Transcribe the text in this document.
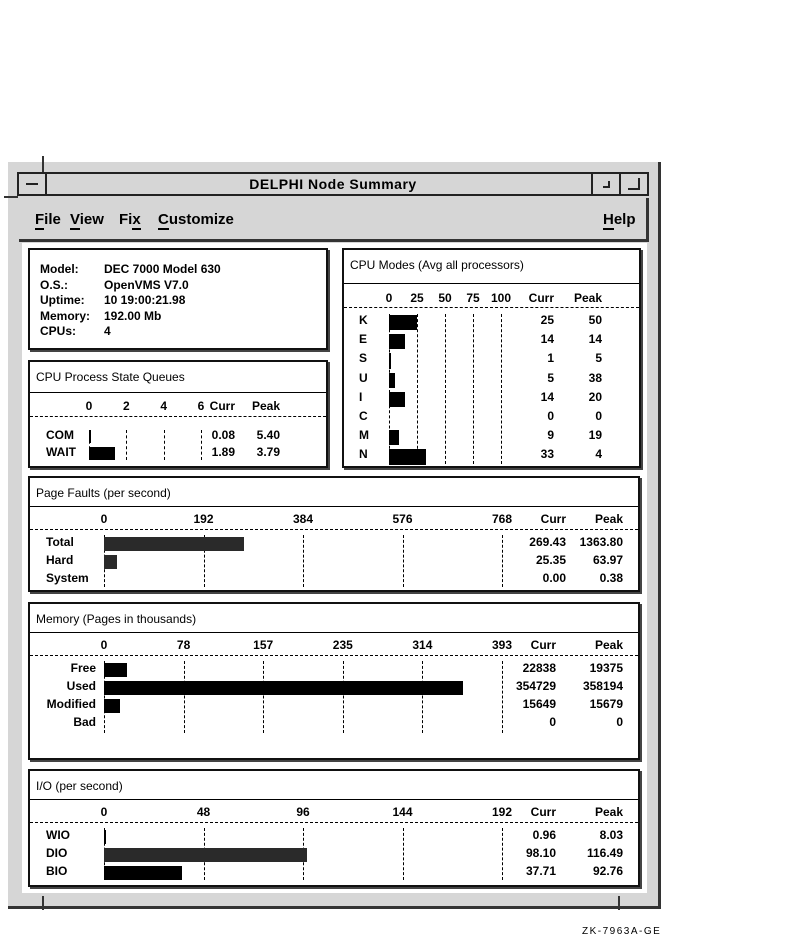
DELPHI Node Summary
File View Fix Customize	Help
Model: DEC 7000 Model 630
O.S.:	OpenVMS V7.0
Uptime: 10 19:00:21.98
Memory: 192.00 Mb
CPUs: 4
CPU Process State Queues
0	2	4	6 Curr	Peak
COM	0.08	5.40
WAIT	1.89	3.79
CPU Modes (Avg all processors)
0 25 50 75 100	Curr	Peak
K	25	50
E	14	14
S	1	5
U	5	38
I	14	20
C	0	0
M	9	19
N	33	4
Page Faults (per second)
0	192	384	576	768	Curr	Peak
Total	269.43	1363.80
Hard	25.35	63.97
System	0.00	0.38
Memory (Pages in thousands)
0	78	157	235	314	393	Curr	Peak
Free	22838	19375
Used	354729	358194
Modified	15649	15679
Bad	0	0
I/O (per second)
0	48	96	144	192	Curr	Peak
WIO	0.96	8.03
DIO	98.10	116.49
BIO	37.71	92.76
ZK-7963A-GE
